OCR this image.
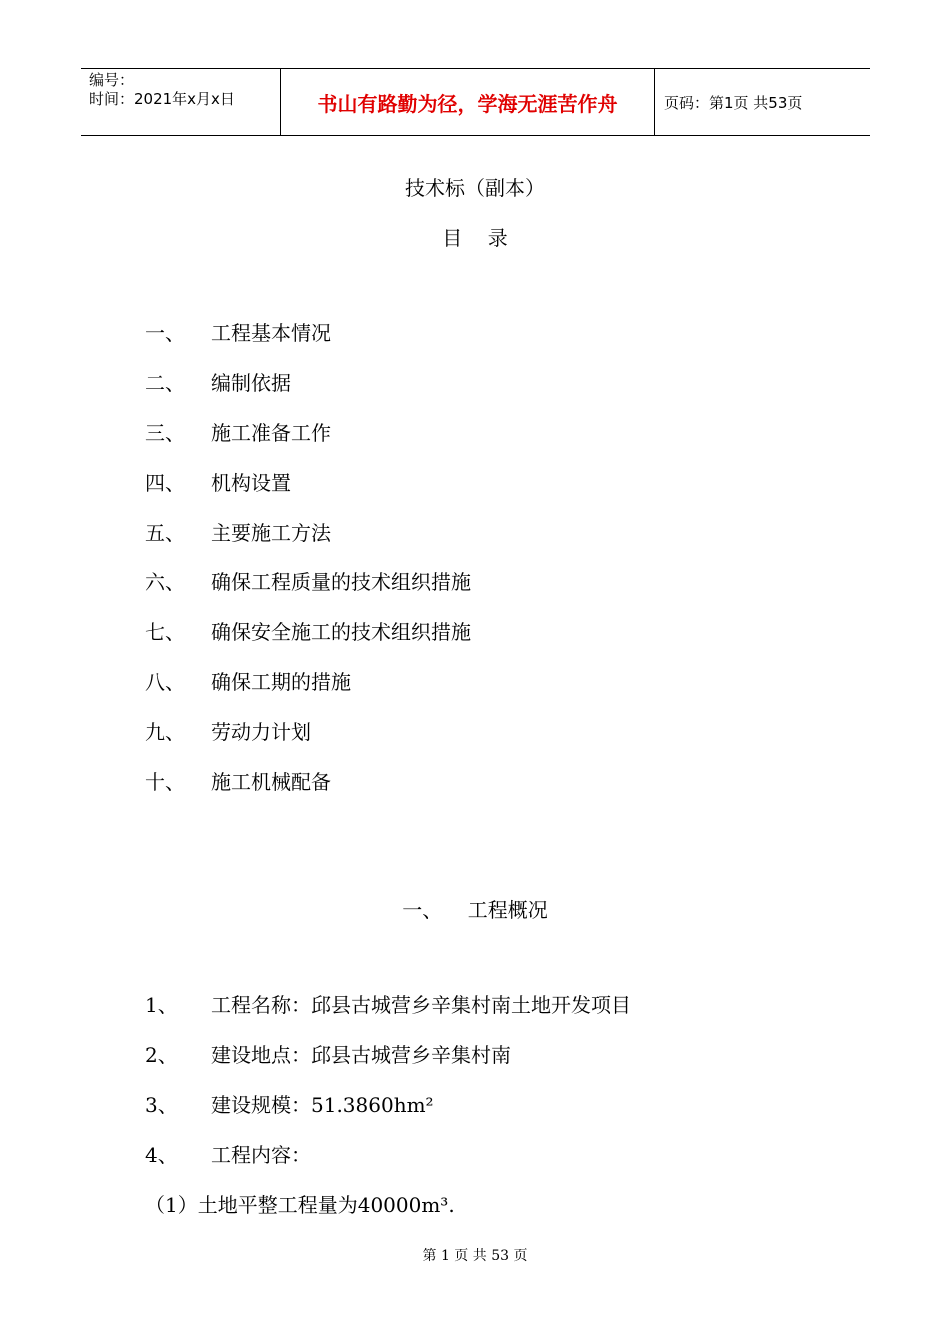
编号：
时间：2021年x月x日	书山有路勤为径，学海无涯苦作舟	页码：第1页 共53页
技术标（副本）
目    录
一、 工程基本情况
二、 编制依据
三、 施工准备工作
四、 机构设置
五、 主要施工方法
六、 确保工程质量的技术组织措施
七、 确保安全施工的技术组织措施
八、 确保工期的措施
九、 劳动力计划
十、 施工机械配备
一、    工程概况
1、 工程名称：邱县古城营乡辛集村南土地开发项目
2、 建设地点：邱县古城营乡辛集村南
3、 建设规模：51.3860hm²
4、 工程内容：
（1）土地平整工程量为40000m³.
第 1 页 共 53 页
